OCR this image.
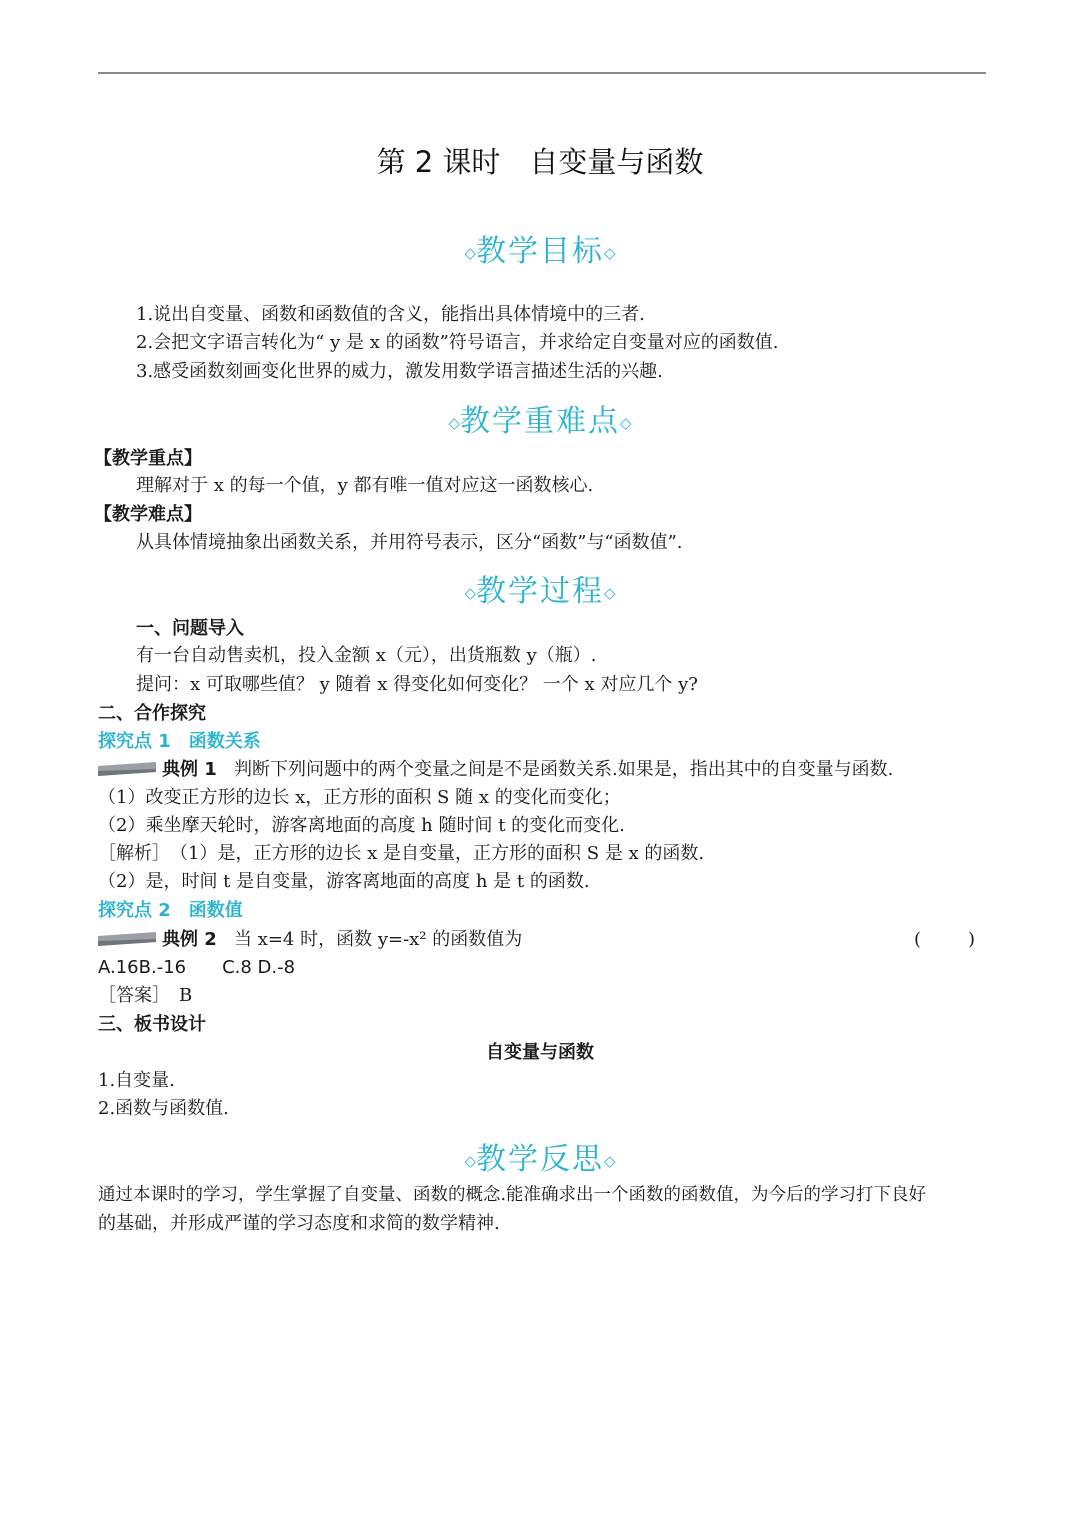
第 2 课时　自变量与函数
◇教学目标◇
1.说出自变量、函数和函数值的含义，能指出具体情境中的三者.
2.会把文字语言转化为“ y 是 x 的函数”符号语言，并求给定自变量对应的函数值.
3.感受函数刻画变化世界的威力，激发用数学语言描述生活的兴趣.
◇教学重难点◇
【教学重点】
理解对于 x 的每一个值，y 都有唯一值对应这一函数核心.
【教学难点】
从具体情境抽象出函数关系，并用符号表示，区分“函数”与“函数值”.
◇教学过程◇
一、问题导入
有一台自动售卖机，投入金额 x（元），出货瓶数 y（瓶）.
提问：x 可取哪些值？ y 随着 x 得变化如何变化？ 一个 x 对应几个 y?
二、合作探究
探究点 1　函数关系
典例 1 判断下列问题中的两个变量之间是不是函数关系.如果是，指出其中的自变量与函数.
（1）改变正方形的边长 x，正方形的面积 S 随 x 的变化而变化；
（2）乘坐摩天轮时，游客离地面的高度 h 随时间 t 的变化而变化.
［解析］　（1）是，正方形的边长 x 是自变量，正方形的面积 S 是 x 的函数.
（2）是，时间 t 是自变量，游客离地面的高度 h 是 t 的函数.
探究点 2　函数值
典例 2 当 x=4 时，函数 y=-x² 的函数值为	(	)
A.16B.-16　　C.8 D.-8
［答案］　B
三、板书设计
自变量与函数
1.自变量.
2.函数与函数值.
◇教学反思◇
通过本课时的学习，学生掌握了自变量、函数的概念.能准确求出一个函数的函数值，为今后的学习打下良好
的基础，并形成严谨的学习态度和求简的数学精神.
